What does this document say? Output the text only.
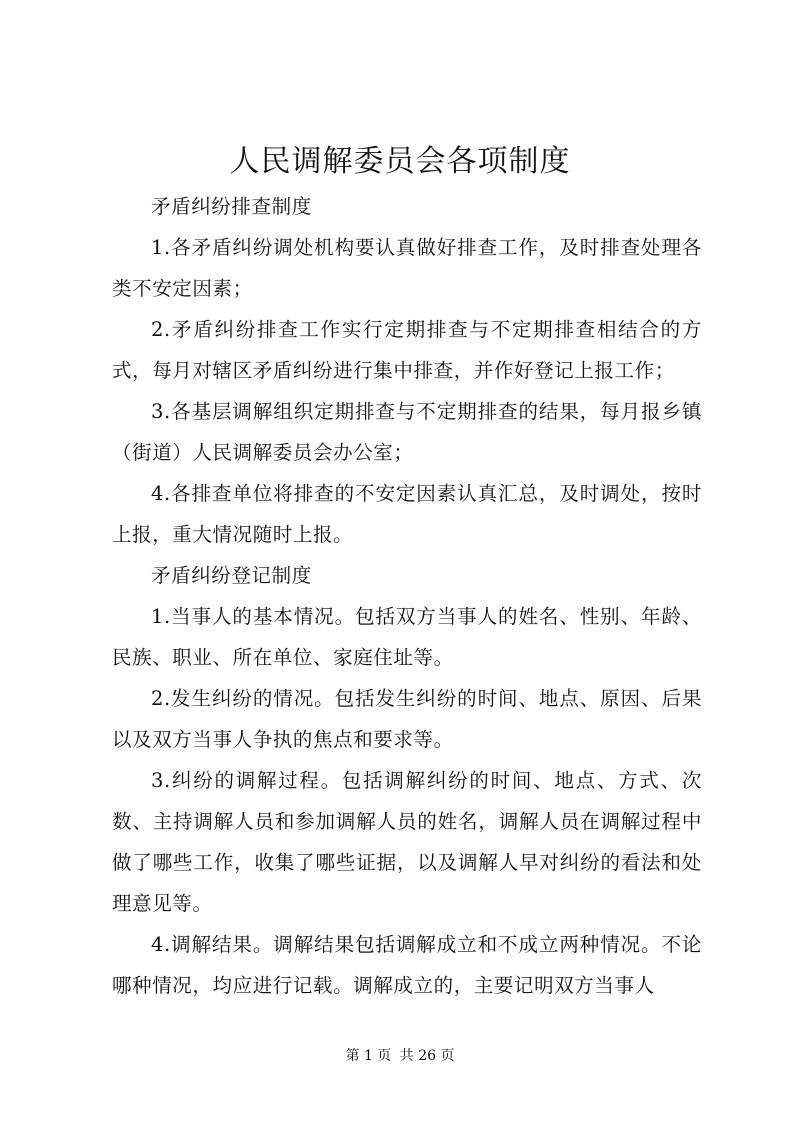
人民调解委员会各项制度

矛盾纠纷排查制度

1.各矛盾纠纷调处机构要认真做好排查工作，及时排查处理各类不安定因素；

2.矛盾纠纷排查工作实行定期排查与不定期排查相结合的方式，每月对辖区矛盾纠纷进行集中排查，并作好登记上报工作；

3.各基层调解组织定期排查与不定期排查的结果，每月报乡镇（街道）人民调解委员会办公室；

4.各排查单位将排查的不安定因素认真汇总，及时调处，按时上报，重大情况随时上报。

矛盾纠纷登记制度

1.当事人的基本情况。包括双方当事人的姓名、性别、年龄、民族、职业、所在单位、家庭住址等。

2.发生纠纷的情况。包括发生纠纷的时间、地点、原因、后果以及双方当事人争执的焦点和要求等。

3.纠纷的调解过程。包括调解纠纷的时间、地点、方式、次数、主持调解人员和参加调解人员的姓名，调解人员在调解过程中做了哪些工作，收集了哪些证据，以及调解人早对纠纷的看法和处理意见等。

4.调解结果。调解结果包括调解成立和不成立两种情况。不论哪种情况，均应进行记载。调解成立的，主要记明双方当事人

第 1 页 共 26 页
